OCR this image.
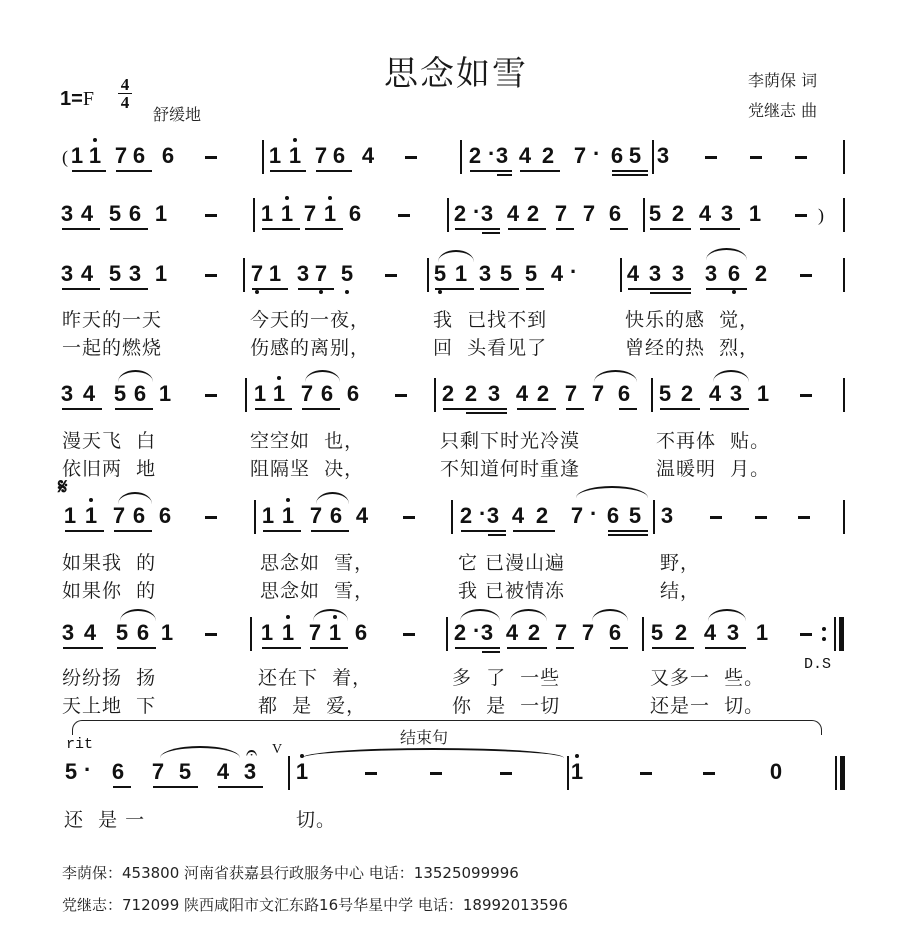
思念如雪	李荫保 词
党继志 曲
1=F
4
4
舒缓地
( 1 1 7 6 6	1 1 7 6 4	2 · 3 4 2 7 · 6 5 3
3 4 5 6 1	1 1 7 1 6	2 · 3 4 2 7 7 6 5 2 4 3 1	)
3 4 5 3 1	7 1 3 7 5	5 1 3 5 5 4 · 4 3 3 3 6 2
3 4 5 6 1	1 1 7 6 6	2 2 3 4 2 7 7 6 5 2 4 3 1
1 1 7 6 6	1 1 7 6 4	2 · 3 4 2 7 · 6 5 3
3 4 5 6 1	1 1 7 1 6	2 · 3 4 2 7 7 6 5 2 4 3 1
5 · 6 7 5 4 3 1	1	0
昨天的一天	今天的一夜，	我  已找不到	快乐的感  觉，
一起的燃烧	伤感的离别，	回  头看见了	曾经的热  烈，
漫天飞  白	空空如  也，	只剩下时光冷漠	不再体  贴。
依旧两  地	阻隔坚  决，	不知道何时重逢	温暖明  月。
如果我  的	思念如  雪，	它 已漫山遍	野，
如果你  的	思念如  雪，	我 已被情冻	结，
纷纷扬  扬	还在下  着，	多  了  一些	又多一  些。
天上地  下	都  是  爱，	你  是  一切	还是一  切。
还  是 一	切。
𝄋
D.S
rit	结束句
𝄐 V
李荫保：453800 河南省获嘉县行政服务中心 电话：13525099996
党继志：712099 陕西咸阳市文汇东路16号华星中学 电话：18992013596
